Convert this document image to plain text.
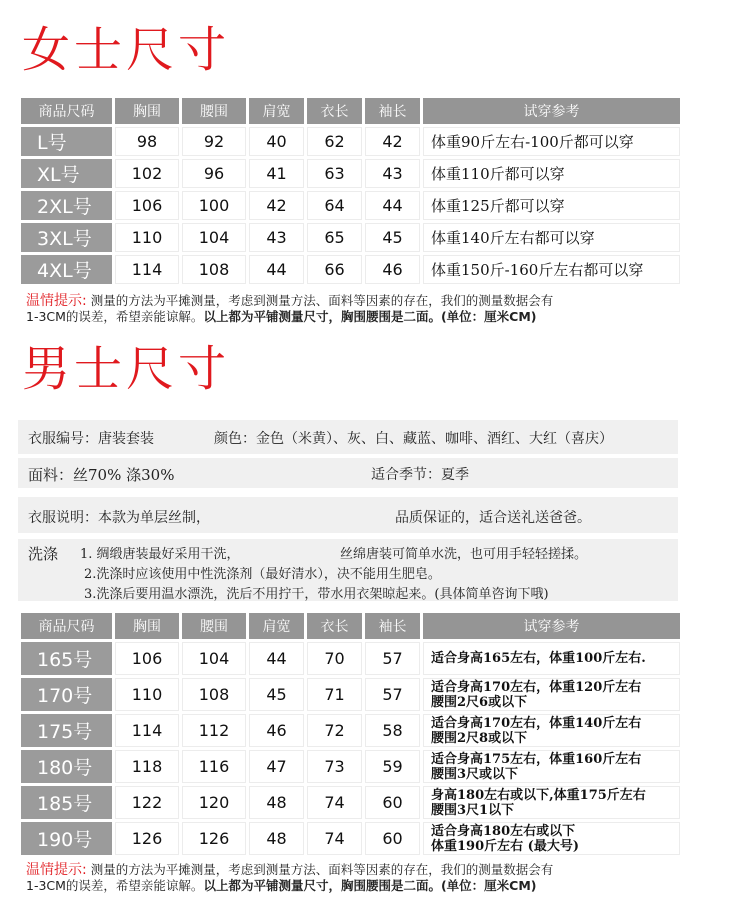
女士尺寸
商品尺码	胸围	腰围	肩宽	衣长	袖长	试穿参考
L号	98	92	40	62	42	体重90斤左右-100斤都可以穿
XL号	102	96	41	63	43	体重110斤都可以穿
2XL号	106	100	42	64	44	体重125斤都可以穿
3XL号	110	104	43	65	45	体重140斤左右都可以穿
4XL号	114	108	44	66	46	体重150斤-160斤左右都可以穿
温情提示: 测量的方法为平摊测量，考虑到测量方法、面料等因素的存在，我们的测量数据会有
1-3CM的误差，希望亲能谅解。以上都为平铺测量尺寸，胸围腰围是二面。(单位：厘米CM)
男士尺寸
衣服编号：唐装套装	颜色：金色（米黄）、灰、白、藏蓝、咖啡、酒红、大红（喜庆）
面料：丝70% 涤30%	适合季节：夏季
衣服说明：本款为单层丝制，	品质保证的，适合送礼送爸爸。
洗涤 1. 绸缎唐装最好采用干洗，	丝绵唐装可简单水洗，也可用手轻轻搓揉。
2.洗涤时应该使用中性洗涤剂（最好清水），决不能用生肥皂。
3.洗涤后要用温水漂洗，洗后不用拧干，带水用衣架晾起来。(具体简单咨询下哦)
商品尺码	胸围	腰围	肩宽	衣长	袖长	试穿参考
165号	106	104	44	70	57	适合身高165左右，体重100斤左右.

170号	110	108	45	71	57	适合身高170左右，体重120斤左右
腰围2尺6或以下

175号	114	112	46	72	58	适合身高170左右，体重140斤左右
腰围2尺8或以下

180号	118	116	47	73	59	适合身高175左右，体重160斤左右
腰围3尺或以下

185号	122	120	48	74	60	身高180左右或以下,体重175斤左右
腰围3尺1以下

190号	126	126	48	74	60	适合身高180左右或以下
体重190斤左右 (最大号)
温情提示: 测量的方法为平摊测量，考虑到测量方法、面料等因素的存在，我们的测量数据会有
1-3CM的误差，希望亲能谅解。以上都为平铺测量尺寸，胸围腰围是二面。(单位：厘米CM)
